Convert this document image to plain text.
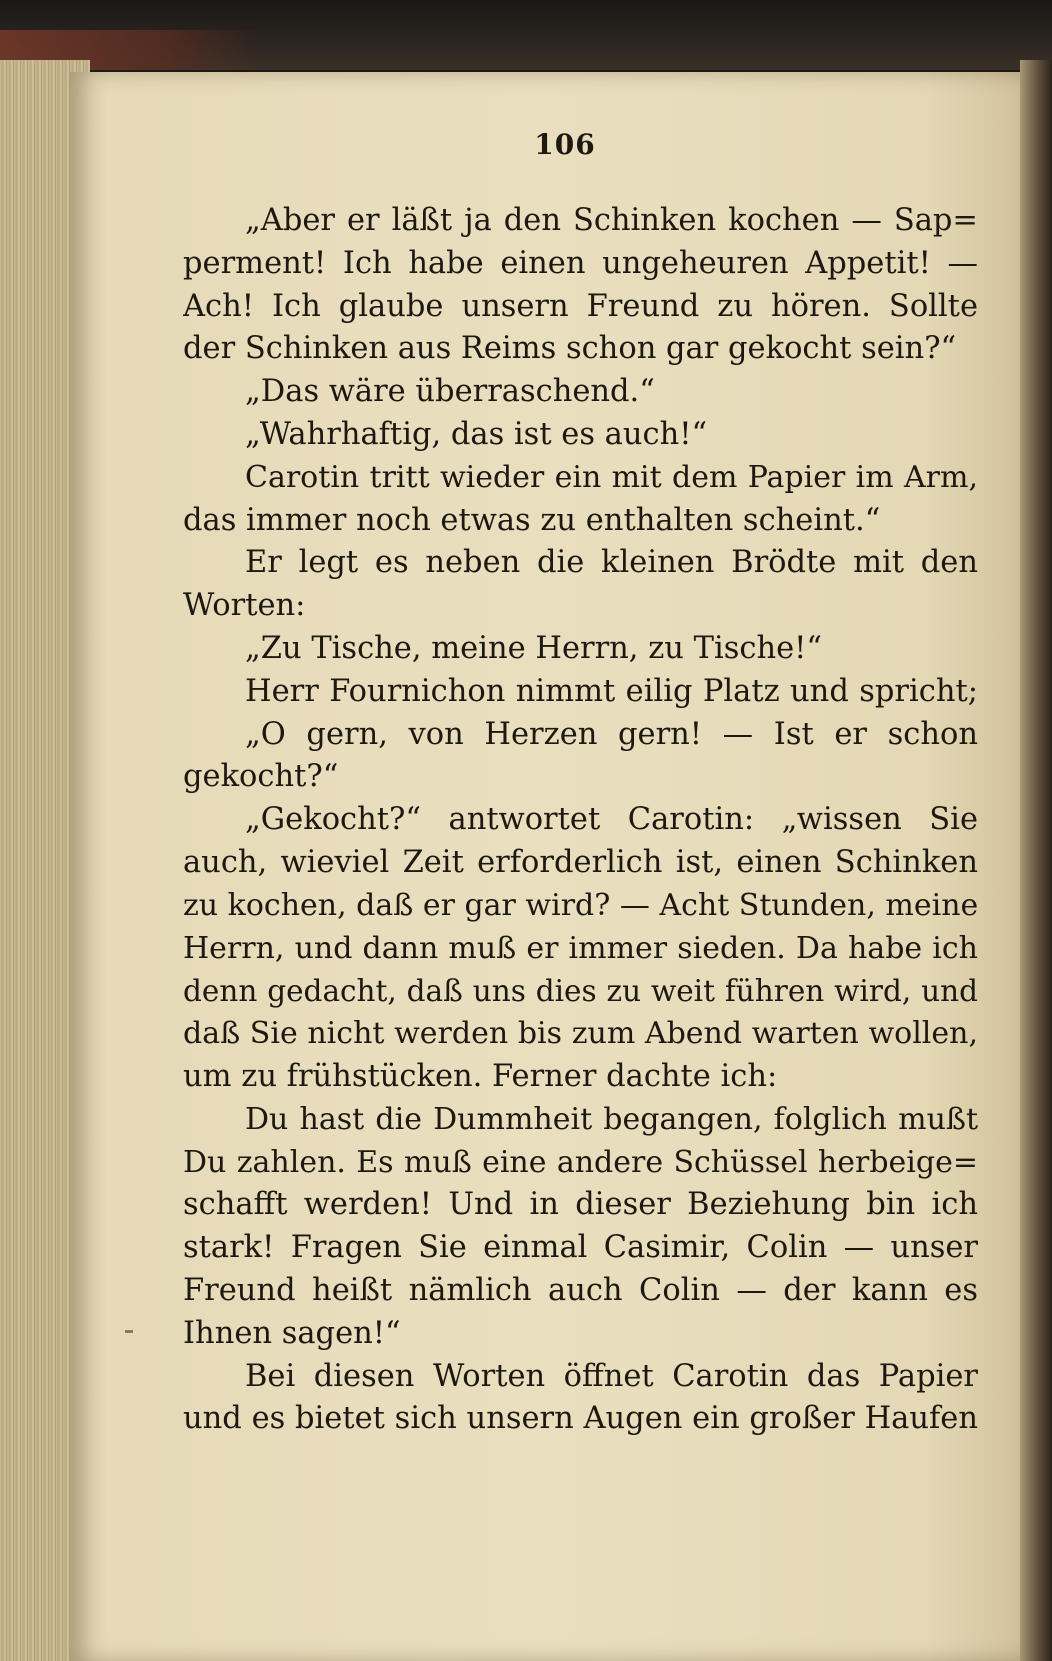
106
„Aber er läßt ja den Schinken kochen — Sap=
perment! Ich habe einen ungeheuren Appetit! —
Ach! Ich glaube unsern Freund zu hören. Sollte
der Schinken aus Reims schon gar gekocht sein?“
„Das wäre überraschend.“
„Wahrhaftig, das ist es auch!“
Carotin tritt wieder ein mit dem Papier im Arm,
das immer noch etwas zu enthalten scheint.“
Er legt es neben die kleinen Brödte mit den
Worten:
„Zu Tische, meine Herrn, zu Tische!“
Herr Fournichon nimmt eilig Platz und spricht;
„O gern, von Herzen gern! — Ist er schon
gekocht?“
„Gekocht?“ antwortet Carotin: „wissen Sie
auch, wieviel Zeit erforderlich ist, einen Schinken
zu kochen, daß er gar wird? — Acht Stunden, meine
Herrn, und dann muß er immer sieden. Da habe ich
denn gedacht, daß uns dies zu weit führen wird, und
daß Sie nicht werden bis zum Abend warten wollen,
um zu frühstücken. Ferner dachte ich:
Du hast die Dummheit begangen, folglich mußt
Du zahlen. Es muß eine andere Schüssel herbeige=
schafft werden! Und in dieser Beziehung bin ich
stark! Fragen Sie einmal Casimir, Colin — unser
Freund heißt nämlich auch Colin — der kann es
Ihnen sagen!“
Bei diesen Worten öffnet Carotin das Papier
und es bietet sich unsern Augen ein großer Haufen
